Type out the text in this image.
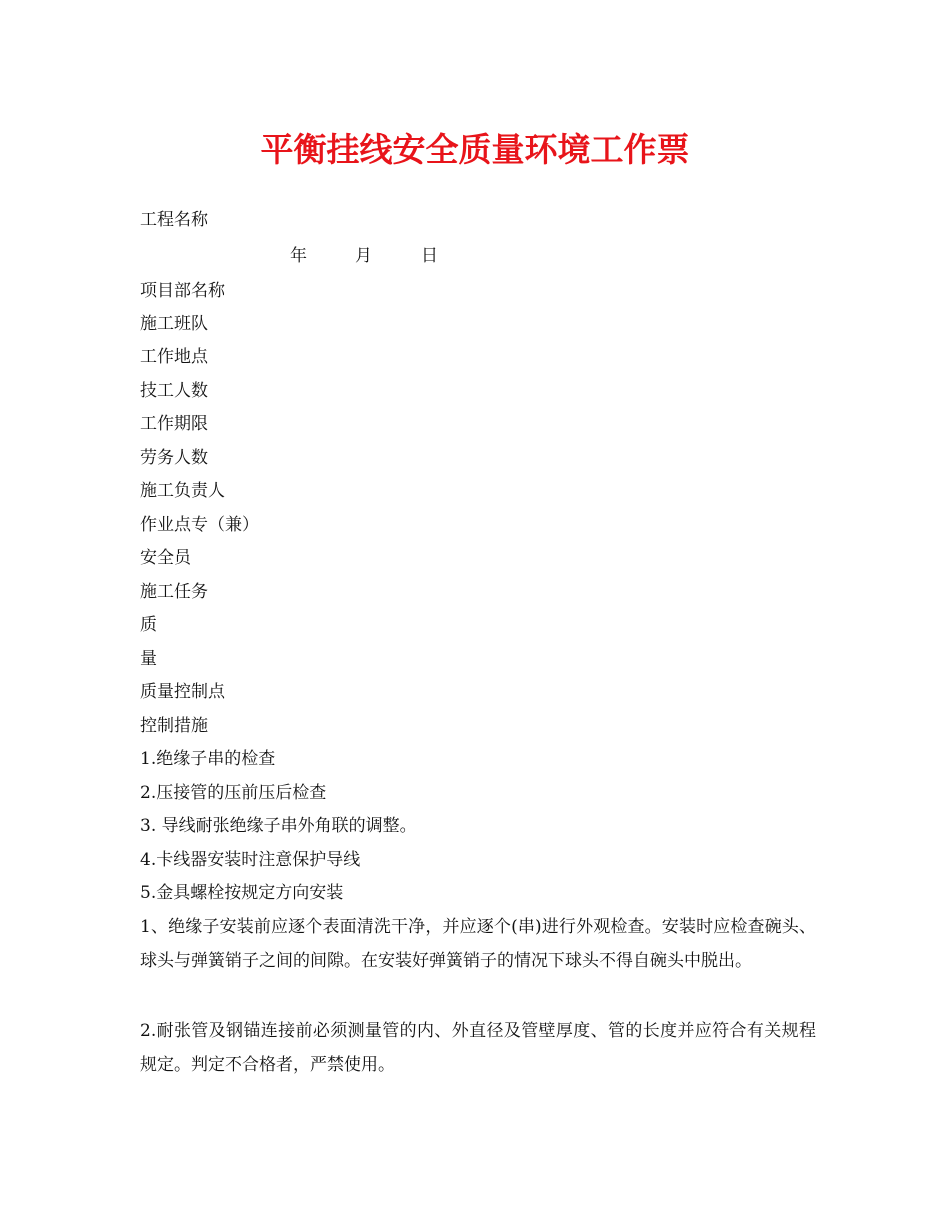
平衡挂线安全质量环境工作票
工程名称
年	月	日
项目部名称
施工班队
工作地点
技工人数
工作期限
劳务人数
施工负责人
作业点专（兼）
安全员
施工任务
质
量
质量控制点
控制措施
1.绝缘子串的检查
2.压接管的压前压后检查
3. 导线耐张绝缘子串外角联的调整。
4.卡线器安装时注意保护导线
5.金具螺栓按规定方向安装
1、绝缘子安装前应逐个表面清洗干净，并应逐个(串)进行外观检查。安装时应检查碗头、球头与弹簧销子之间的间隙。在安装好弹簧销子的情况下球头不得自碗头中脱出。
2.耐张管及钢锚连接前必须测量管的内、外直径及管壁厚度、管的长度并应符合有关规程规定。判定不合格者，严禁使用。
